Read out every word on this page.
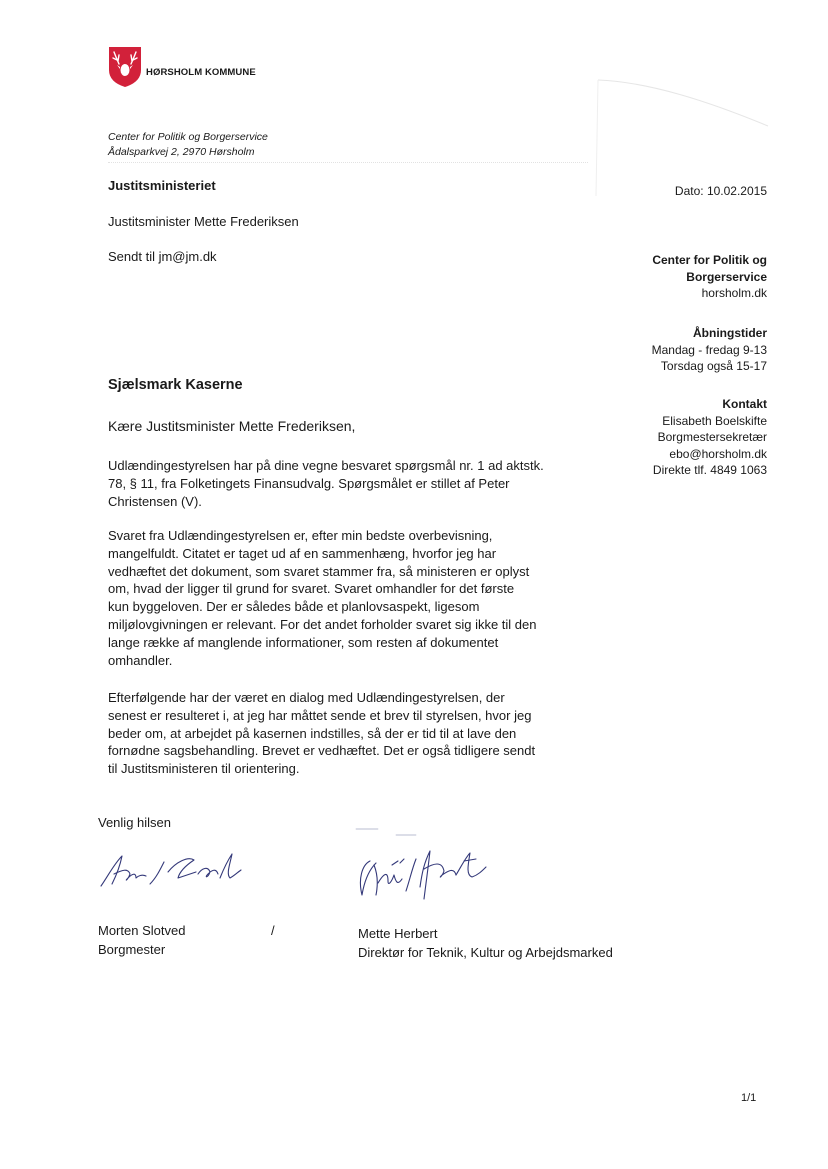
HØRSHOLM KOMMUNE
Center for Politik og Borgerservice
Ådalsparkvej 2, 2970 Hørsholm
Justitsministeriet
Justitsminister Mette Frederiksen
Sendt til jm@jm.dk
Dato: 10.02.2015
Center for Politik og
Borgerservice
horsholm.dk
Åbningstider
Mandag - fredag 9-13
Torsdag også 15-17
Kontakt
Elisabeth Boelskifte
Borgmestersekretær
ebo@horsholm.dk
Direkte tlf. 4849 1063
Sjælsmark Kaserne
Kære Justitsminister Mette Frederiksen,
Udlændingestyrelsen har på dine vegne besvaret spørgsmål nr. 1 ad aktstk.
78, § 11, fra Folketingets Finansudvalg. Spørgsmålet er stillet af Peter
Christensen (V).
Svaret fra Udlændingestyrelsen er, efter min bedste overbevisning,
mangelfuldt. Citatet er taget ud af en sammenhæng, hvorfor jeg har
vedhæftet det dokument, som svaret stammer fra, så ministeren er oplyst
om, hvad der ligger til grund for svaret. Svaret omhandler for det første
kun byggeloven. Der er således både et planlovsaspekt, ligesom
miljølovgivningen er relevant. For det andet forholder svaret sig ikke til den
lange række af manglende informationer, som resten af dokumentet
omhandler.
Efterfølgende har der været en dialog med Udlændingestyrelsen, der
senest er resulteret i, at jeg har måttet sende et brev til styrelsen, hvor jeg
beder om, at arbejdet på kasernen indstilles, så der er tid til at lave den
fornødne sagsbehandling. Brevet er vedhæftet. Det er også tidligere sendt
til Justitsministeren til orientering.
Venlig hilsen
Morten Slotved
Borgmester
/	Mette Herbert
Direktør for Teknik, Kultur og Arbejdsmarked
1/1
